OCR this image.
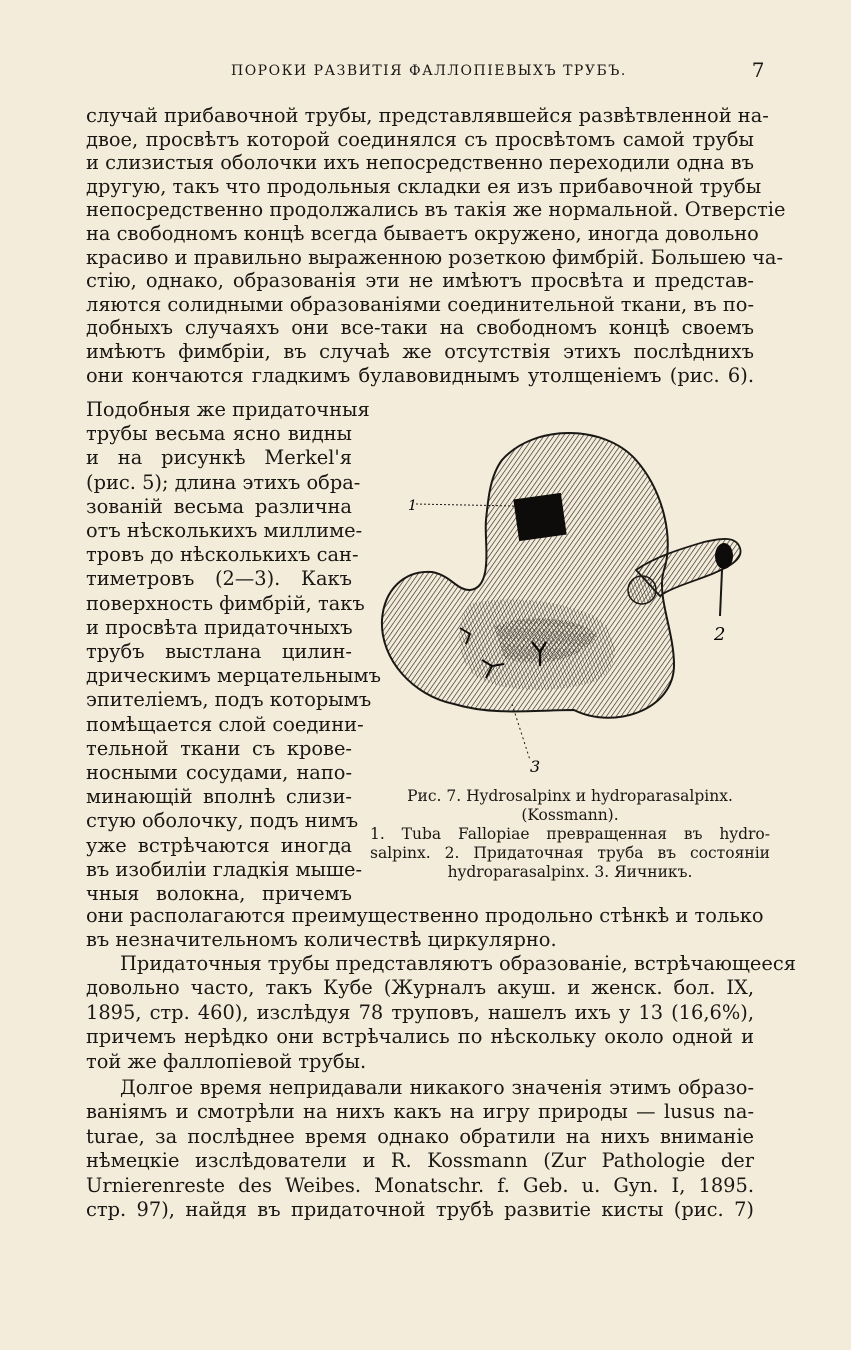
ПОРОКИ РАЗВИТІЯ ФАЛЛОПІЕВЫХЪ ТРУБЪ.	7
случай прибавочной трубы, представлявшейся развѣтвленной на-
двое, просвѣтъ которой соединялся съ просвѣтомъ самой трубы
и слизистыя оболочки ихъ непосредственно переходили одна въ
другую, такъ что продольныя складки ея изъ прибавочной трубы
непосредственно продолжались въ такія же нормальной. Отверстіе
на свободномъ концѣ всегда бываетъ окружено, иногда довольно
красиво и правильно выраженною розеткою фимбрій. Большею ча-
стію, однако, образованія эти не имѣютъ просвѣта и представ-
ляются солидными образованіями соединительной ткани, въ по-
добныхъ случаяхъ они все-таки на свободномъ концѣ своемъ
имѣютъ фимбріи, въ случаѣ же отсутствія этихъ послѣднихъ
они кончаются гладкимъ булавовиднымъ утолщеніемъ (рис. 6).
Подобныя же придаточныя
трубы весьма ясно видны
и на рисункѣ Merkel'я
(рис. 5); длина этихъ обра-
зованій весьма различна
отъ нѣсколькихъ миллиме-
тровъ до нѣсколькихъ сан-
тиметровъ (2—3). Какъ
поверхность фимбрій, такъ
и просвѣта придаточныхъ
трубъ выстлана цилин-
дрическимъ мерцательнымъ
эпителіемъ, подъ которымъ
помѣщается слой соедини-
тельной ткани съ крове-
носными сосудами, напо-
минающій вполнѣ слизи-
стую оболочку, подъ нимъ
уже встрѣчаются иногда
въ изобиліи гладкія мыше-
чныя волокна, причемъ
1
2
3
Рис. 7. Hydrosalpinx и hydroparasalpinx.
(Kossmann).
1. Tuba Falloрiae превращенная въ hydro-
salpinx. 2. Придаточная труба въ состояніи
hydroparasalpinx. 3. Яичникъ.
они располагаются преимущественно продольно стѣнкѣ и только
въ незначительномъ количествѣ циркулярно.
Придаточныя трубы представляютъ образованіе, встрѣчающееся
довольно часто, такъ Кубе (Журналъ акуш. и женск. бол. IX,
1895, стр. 460), изслѣдуя 78 труповъ, нашелъ ихъ у 13 (16,6%),
причемъ нерѣдко они встрѣчались по нѣскольку около одной и
той же фаллопіевой трубы.
Долгое время непридавали никакого значенія этимъ образо-
ваніямъ и смотрѣли на нихъ какъ на игру природы — lusus na-
turae, за послѣднее время однако обратили на нихъ вниманіе
нѣмецкіе изслѣдователи и R. Kossmann (Zur Pathologie der
Urnierenreste des Weibes. Monatschr. f. Geb. u. Gyn. I, 1895.
стр. 97), найдя въ придаточной трубѣ развитіе кисты (рис. 7)
